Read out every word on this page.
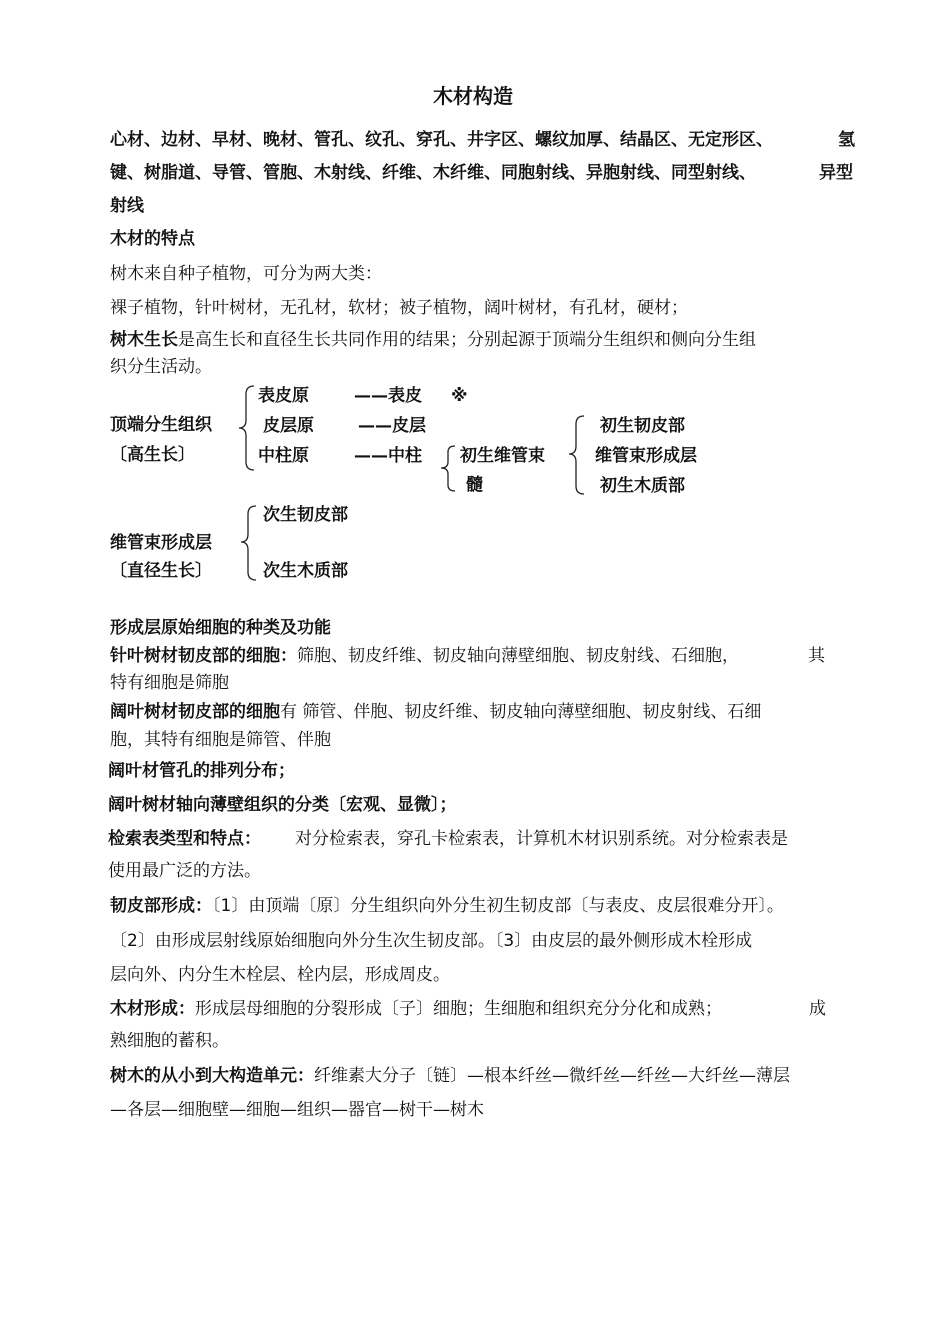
木材构造
心材、边材、早材、晚材、管孔、纹孔、穿孔、井字区、螺纹加厚、结晶区、无定形区、	氢
键、树脂道、导管、管胞、木射线、纤维、木纤维、同胞射线、异胞射线、同型射线、	异型
射线
木材的特点
树木来自种子植物，可分为两大类：
裸子植物，针叶树材，无孔材，软材；被子植物，阔叶树材，有孔材，硬材；
树木生长是高生长和直径生长共同作用的结果；分别起源于顶端分生组织和侧向分生组
织分生活动。
顶端分生组织
〔高生长〕
表皮原	——表皮 ※
皮层原	——皮层
中柱原	——中柱 初生维管束
髓
初生韧皮部
维管束形成层
初生木质部
维管束形成层
〔直径生长〕
次生韧皮部
次生木质部
形成层原始细胞的种类及功能
针叶树材韧皮部的细胞：筛胞、韧皮纤维、韧皮轴向薄壁细胞、韧皮射线、石细胞，	其
特有细胞是筛胞
阔叶树材韧皮部的细胞有 筛管、伴胞、韧皮纤维、韧皮轴向薄壁细胞、韧皮射线、石细
胞，其特有细胞是筛管、伴胞
阔叶材管孔的排列分布；
阔叶树材轴向薄壁组织的分类〔宏观、显微〕；
检索表类型和特点： 对分检索表，穿孔卡检索表，计算机木材识别系统。对分检索表是
使用最广泛的方法。
韧皮部形成：〔1〕由顶端〔原〕分生组织向外分生初生韧皮部〔与表皮、皮层很难分开〕。
〔2〕由形成层射线原始细胞向外分生次生韧皮部。〔3〕由皮层的最外侧形成木栓形成
层向外、内分生木栓层、栓内层，形成周皮。
木材形成：形成层母细胞的分裂形成〔子〕细胞；生细胞和组织充分分化和成熟；	成
熟细胞的蓄积。
树木的从小到大构造单元：纤维素大分子〔链〕—根本纤丝—微纤丝—纤丝—大纤丝—薄层
—各层—细胞壁—细胞—组织—器官—树干—树木
